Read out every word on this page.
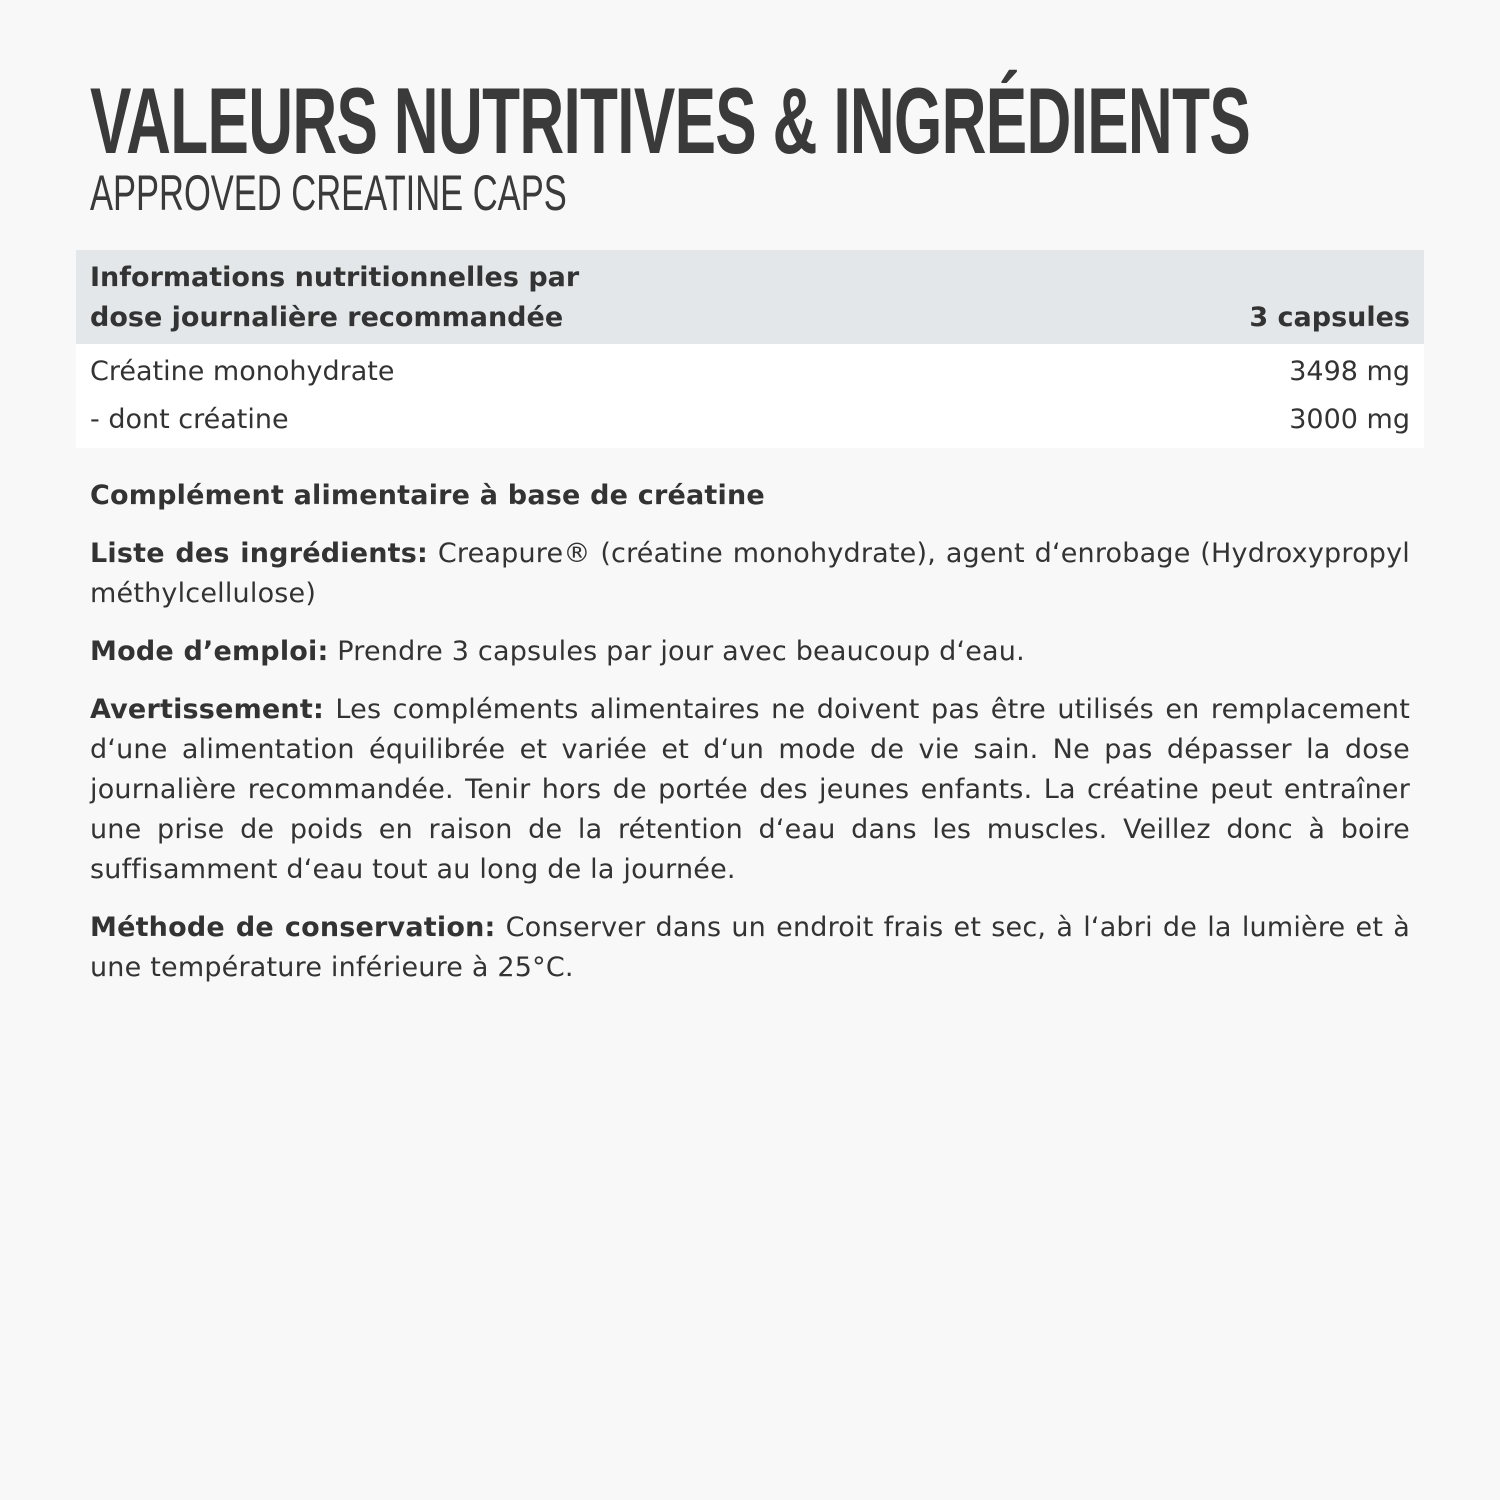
VALEURS NUTRITIVES & INGRÉDIENTS
APPROVED CREATINE CAPS
Informations nutritionnelles par
dose journalière recommandée	3 capsules
Créatine monohydrate	3498 mg
- dont créatine	3000 mg

Complément alimentaire à base de créatine

Liste des ingrédients: Creapure® (créatine monohydrate), agent d‘enrobage (Hydroxypropyl méthylcellulose)

Mode d’emploi: Prendre 3 capsules par jour avec beaucoup d‘eau.

Avertissement: Les compléments alimentaires ne doivent pas être utilisés en remplacement d‘une alimentation équilibrée et variée et d‘un mode de vie sain. Ne pas dépasser la dose journalière recommandée. Tenir hors de portée des jeunes enfants. La créatine peut entraîner une prise de poids en raison de la rétention d‘eau dans les muscles. Veillez donc à boire suffisamment d‘eau tout au long de la journée.

Méthode de conservation: Conserver dans un endroit frais et sec, à l‘abri de la lumière et à une température inférieure à 25°C.
